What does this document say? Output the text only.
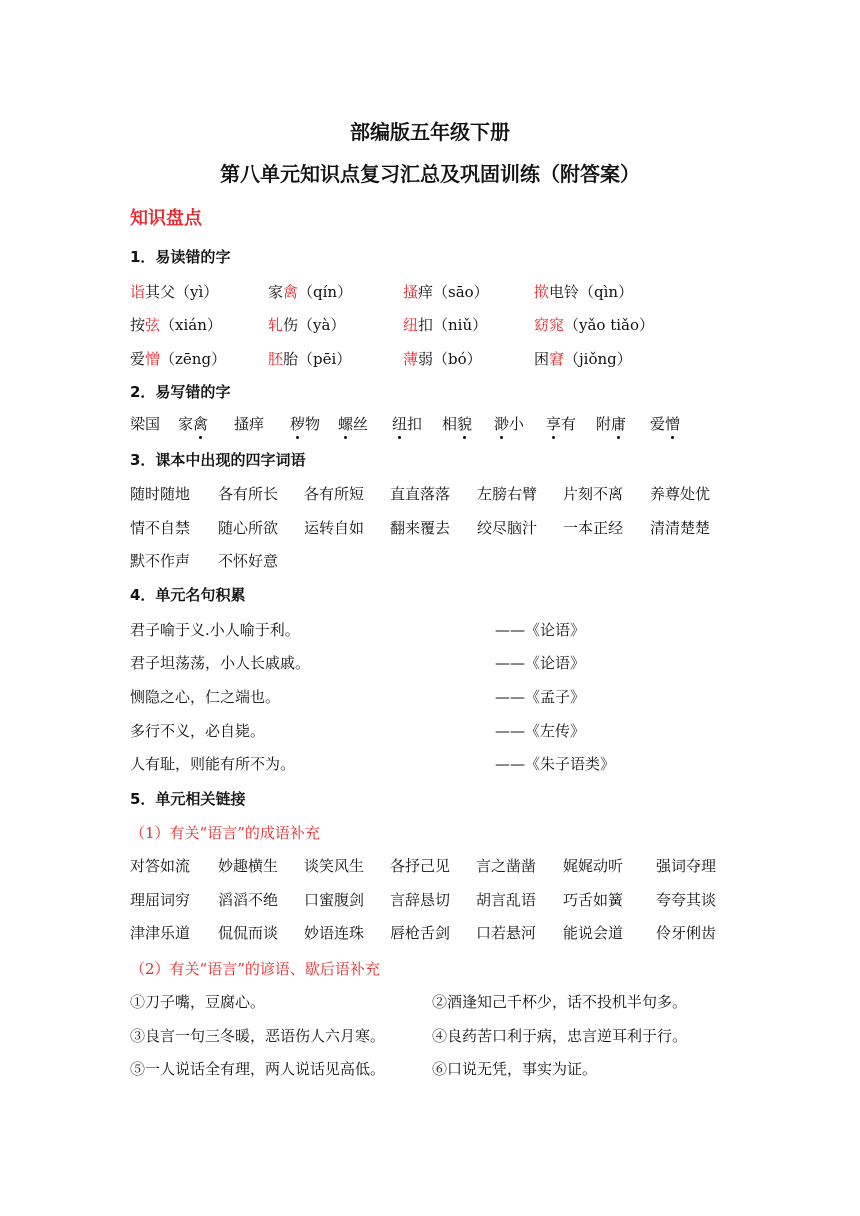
部编版五年级下册
第八单元知识点复习汇总及巩固训练（附答案）
知识盘点
1．易读错的字
诣其父（yì）	家禽（qín）	搔痒（sāo）	揿电铃（qìn）
按弦（xián）	轧伤（yà）	纽扣（niǔ）	窈窕（yǎo tiǎo）
爱憎（zēng）	胚胎（pēi）	薄弱（bó）	困窘（jiǒng）
2．易写错的字
梁国 家禽 搔痒 秽物 螺丝 纽扣 相貌 渺小 享有 附庸 爱憎
3．课本中出现的四字词语
随时随地 各有所长 各有所短 直直落落 左膀右臂 片刻不离 养尊处优
情不自禁 随心所欲 运转自如 翻来覆去 绞尽脑汁 一本正经 清清楚楚
默不作声 不怀好意
4．单元名句积累
君子喻于义.小人喻于利。	——《论语》
君子坦荡荡，小人长戚戚。	——《论语》
恻隐之心，仁之端也。	——《孟子》
多行不义，必自毙。	——《左传》
人有耻，则能有所不为。	——《朱子语类》
5．单元相关链接
（1）有关“语言”的成语补充
对答如流 妙趣横生 谈笑风生 各抒己见 言之凿凿 娓娓动听 强词夺理
理屈词穷 滔滔不绝 口蜜腹剑 言辞恳切 胡言乱语 巧舌如簧 夸夸其谈
津津乐道 侃侃而谈 妙语连珠 唇枪舌剑 口若悬河 能说会道 伶牙俐齿
（2）有关“语言”的谚语、歇后语补充
①刀子嘴，豆腐心。	②酒逢知己千杯少，话不投机半句多。
③良言一句三冬暖，恶语伤人六月寒。	④良药苦口利于病，忠言逆耳利于行。
⑤一人说话全有理，两人说话见高低。	⑥口说无凭，事实为证。
